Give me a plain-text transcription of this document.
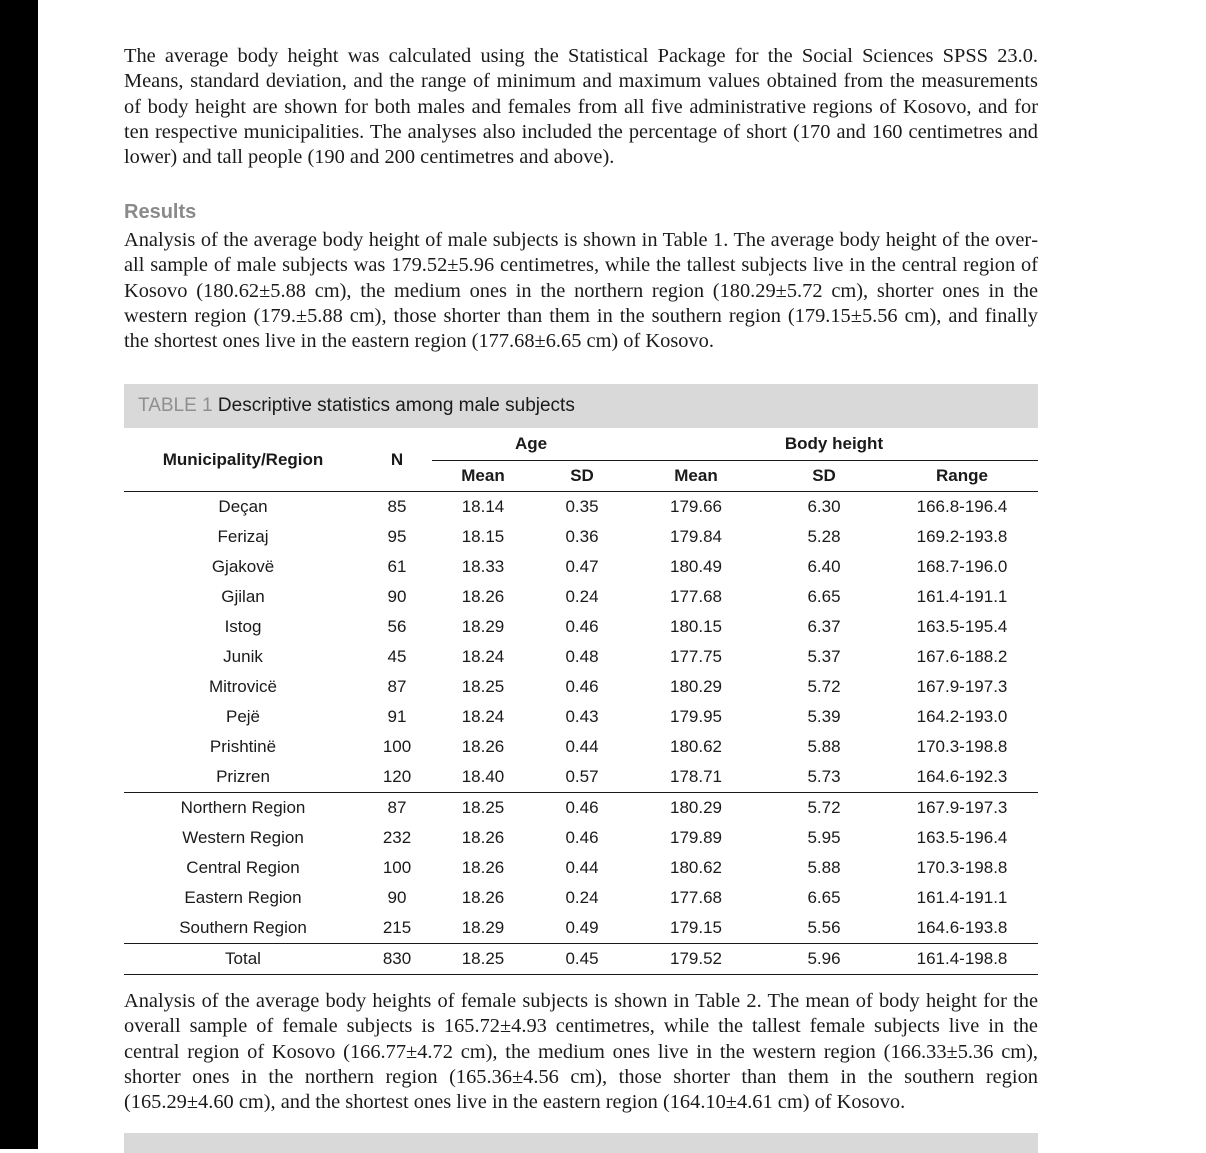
The average body height was calculated using the Statistical Package for the Social Sciences SPSS 23.0. Means, standard deviation, and the range of minimum and maximum values obtained from the measurements of body height are shown for both males and females from all five administrative regions of Kosovo, and for ten respective municipalities. The analyses also included the percentage of short (170 and 160 centimetres and lower) and tall people (190 and 200 centimetres and above).

Results

Analysis of the average body height of male subjects is shown in Table 1. The average body height of the overall sample of male subjects was 179.52±5.96 centimetres, while the tallest subjects live in the central region of Kosovo (180.62±5.88 cm), the medium ones in the northern region (180.29±5.72 cm), shorter ones in the western region (179.±5.88 cm), those shorter than them in the southern region (179.15±5.56 cm), and finally the shortest ones live in the eastern region (177.68±6.65 cm) of Kosovo.

TABLE 1 Descriptive statistics among male subjects
Municipality/Region	N	Age		Body height		
		Mean	SD	Mean	SD	Range
Deçan	85	18.14	0.35	179.66	6.30	166.8-196.4
Ferizaj	95	18.15	0.36	179.84	5.28	169.2-193.8
Gjakovë	61	18.33	0.47	180.49	6.40	168.7-196.0
Gjilan	90	18.26	0.24	177.68	6.65	161.4-191.1
Istog	56	18.29	0.46	180.15	6.37	163.5-195.4
Junik	45	18.24	0.48	177.75	5.37	167.6-188.2
Mitrovicë	87	18.25	0.46	180.29	5.72	167.9-197.3
Pejë	91	18.24	0.43	179.95	5.39	164.2-193.0
Prishtinë	100	18.26	0.44	180.62	5.88	170.3-198.8
Prizren	120	18.40	0.57	178.71	5.73	164.6-192.3
Northern Region	87	18.25	0.46	180.29	5.72	167.9-197.3
Western Region	232	18.26	0.46	179.89	5.95	163.5-196.4
Central Region	100	18.26	0.44	180.62	5.88	170.3-198.8
Eastern Region	90	18.26	0.24	177.68	6.65	161.4-191.1
Southern Region	215	18.29	0.49	179.15	5.56	164.6-193.8
Total	830	18.25	0.45	179.52	5.96	161.4-198.8

Analysis of the average body heights of female subjects is shown in Table 2. The mean of body height for the overall sample of female subjects is 165.72±4.93 centimetres, while the tallest female subjects live in the central region of Kosovo (166.77±4.72 cm), the medium ones live in the western region (166.33±5.36 cm), shorter ones in the northern region (165.36±4.56 cm), those shorter than them in the southern region (165.29±4.60 cm), and the shortest ones live in the eastern region (164.10±4.61 cm) of Kosovo.
